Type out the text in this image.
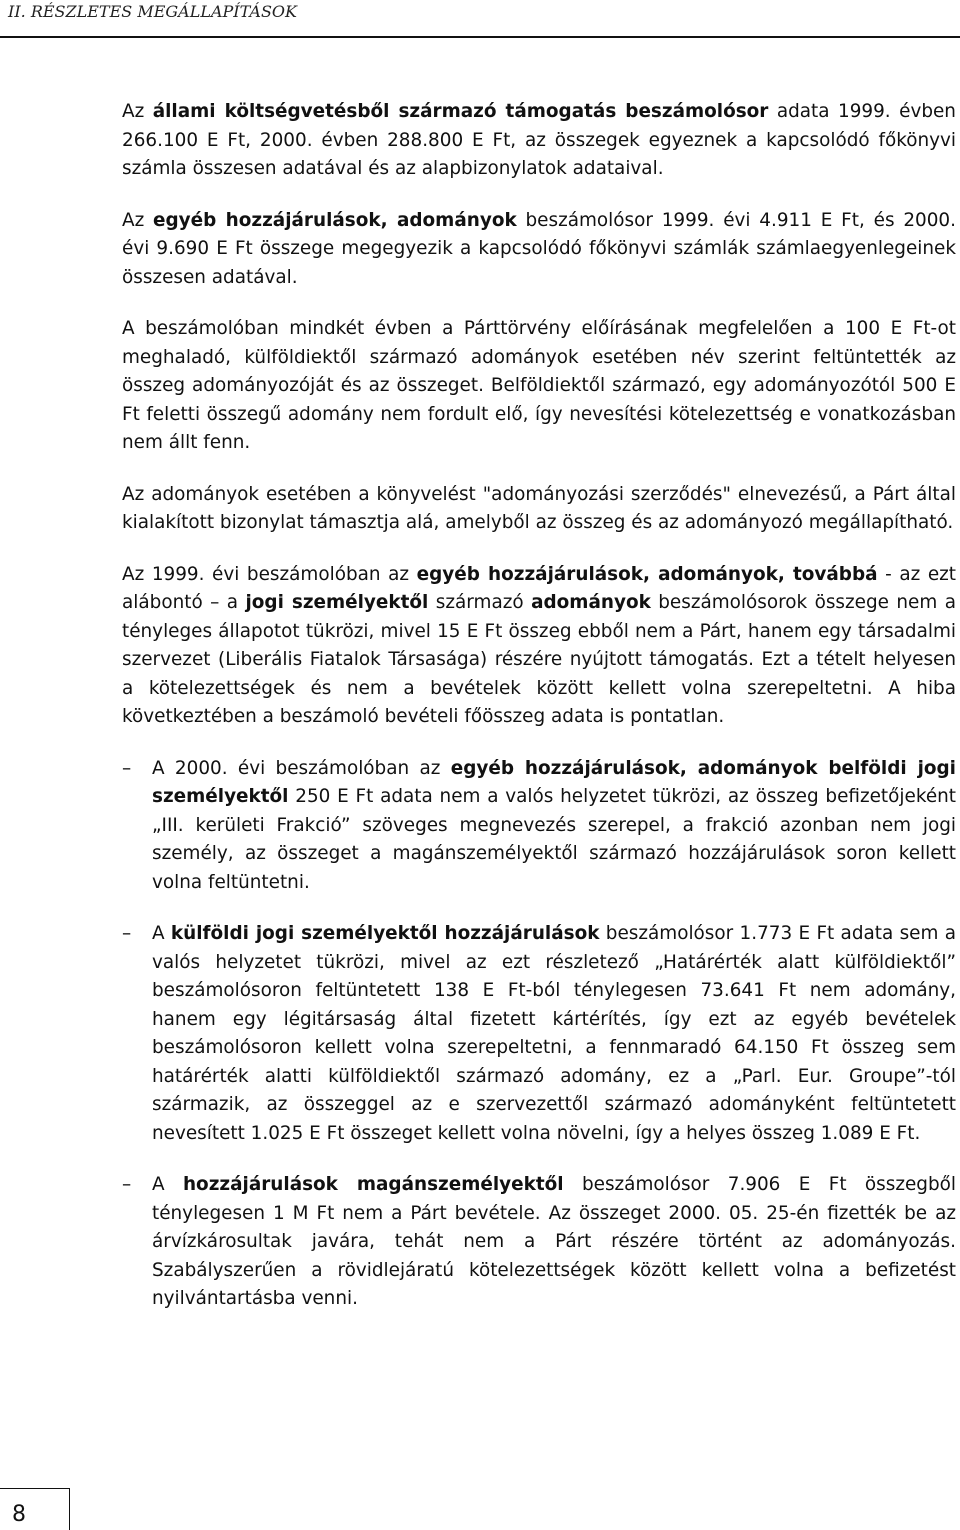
II. RÉSZLETES MEGÁLLAPÍTÁSOK

Az állami költségvetésből származó támogatás beszámolósor adata 1999. évben 266.100 E Ft, 2000. évben 288.800 E Ft, az összegek egyeznek a kapcsolódó főkönyvi számla összesen adatával és az alapbizonylatok adataival.

Az egyéb hozzájárulások, adományok beszámolósor 1999. évi 4.911 E Ft, és 2000. évi 9.690 E Ft összege megegyezik a kapcsolódó főkönyvi számlák számlaegyenlegeinek összesen adatával.

A beszámolóban mindkét évben a Párttörvény előírásának megfelelően a 100 E Ft-ot meghaladó, külföldiektől származó adományok esetében név szerint feltüntették az összeg adományozóját és az összeget. Belföldiektől származó, egy adományozótól 500 E Ft feletti összegű adomány nem fordult elő, így nevesítési kötelezettség e vonatkozásban nem állt fenn.

Az adományok esetében a könyvelést "adományozási szerződés" elnevezésű, a Párt által kialakított bizonylat támasztja alá, amelyből az összeg és az adományozó megállapítható.

Az 1999. évi beszámolóban az egyéb hozzájárulások, adományok, továbbá - az ezt alábontó – a jogi személyektől származó adományok beszámolósorok összege nem a tényleges állapotot tükrözi, mivel 15 E Ft összeg ebből nem a Párt, hanem egy társadalmi szervezet (Liberális Fiatalok Társasága) részére nyújtott támogatás. Ezt a tételt helyesen a kötelezettségek és nem a bevételek között kellett volna szerepeltetni. A hiba következtében a beszámoló bevételi főösszeg adata is pontatlan.

– A 2000. évi beszámolóban az egyéb hozzájárulások, adományok belföldi jogi személyektől 250 E Ft adata nem a valós helyzetet tükrözi, az összeg befizetőjeként „III. kerületi Frakció” szöveges megnevezés szerepel, a frakció azonban nem jogi személy, az összeget a magánszemélyektől származó hozzájárulások soron kellett volna feltüntetni.

– A külföldi jogi személyektől hozzájárulások beszámolósor 1.773 E Ft adata sem a valós helyzetet tükrözi, mivel az ezt részletező „Határérték alatt külföldiektől” beszámolósoron feltüntetett 138 E Ft-ból ténylegesen 73.641 Ft nem adomány, hanem egy légitársaság által fizetett kártérítés, így ezt az egyéb bevételek beszámolósoron kellett volna szerepeltetni, a fennmaradó 64.150 Ft összeg sem határérték alatti külföldiektől származó adomány, ez a „Parl. Eur. Groupe”-tól származik, az összeggel az e szervezettől származó adományként feltüntetett nevesített 1.025 E Ft összeget kellett volna növelni, így a helyes összeg 1.089 E Ft.

– A hozzájárulások magánszemélyektől beszámolósor 7.906 E Ft összegből ténylegesen 1 M Ft nem a Párt bevétele. Az összeget 2000. 05. 25-én fizették be az árvízkárosultak javára, tehát nem a Párt részére történt az adományozás. Szabályszerűen a rövidlejáratú kötelezettségek között kellett volna a befizetést nyilvántartásba venni.

8
